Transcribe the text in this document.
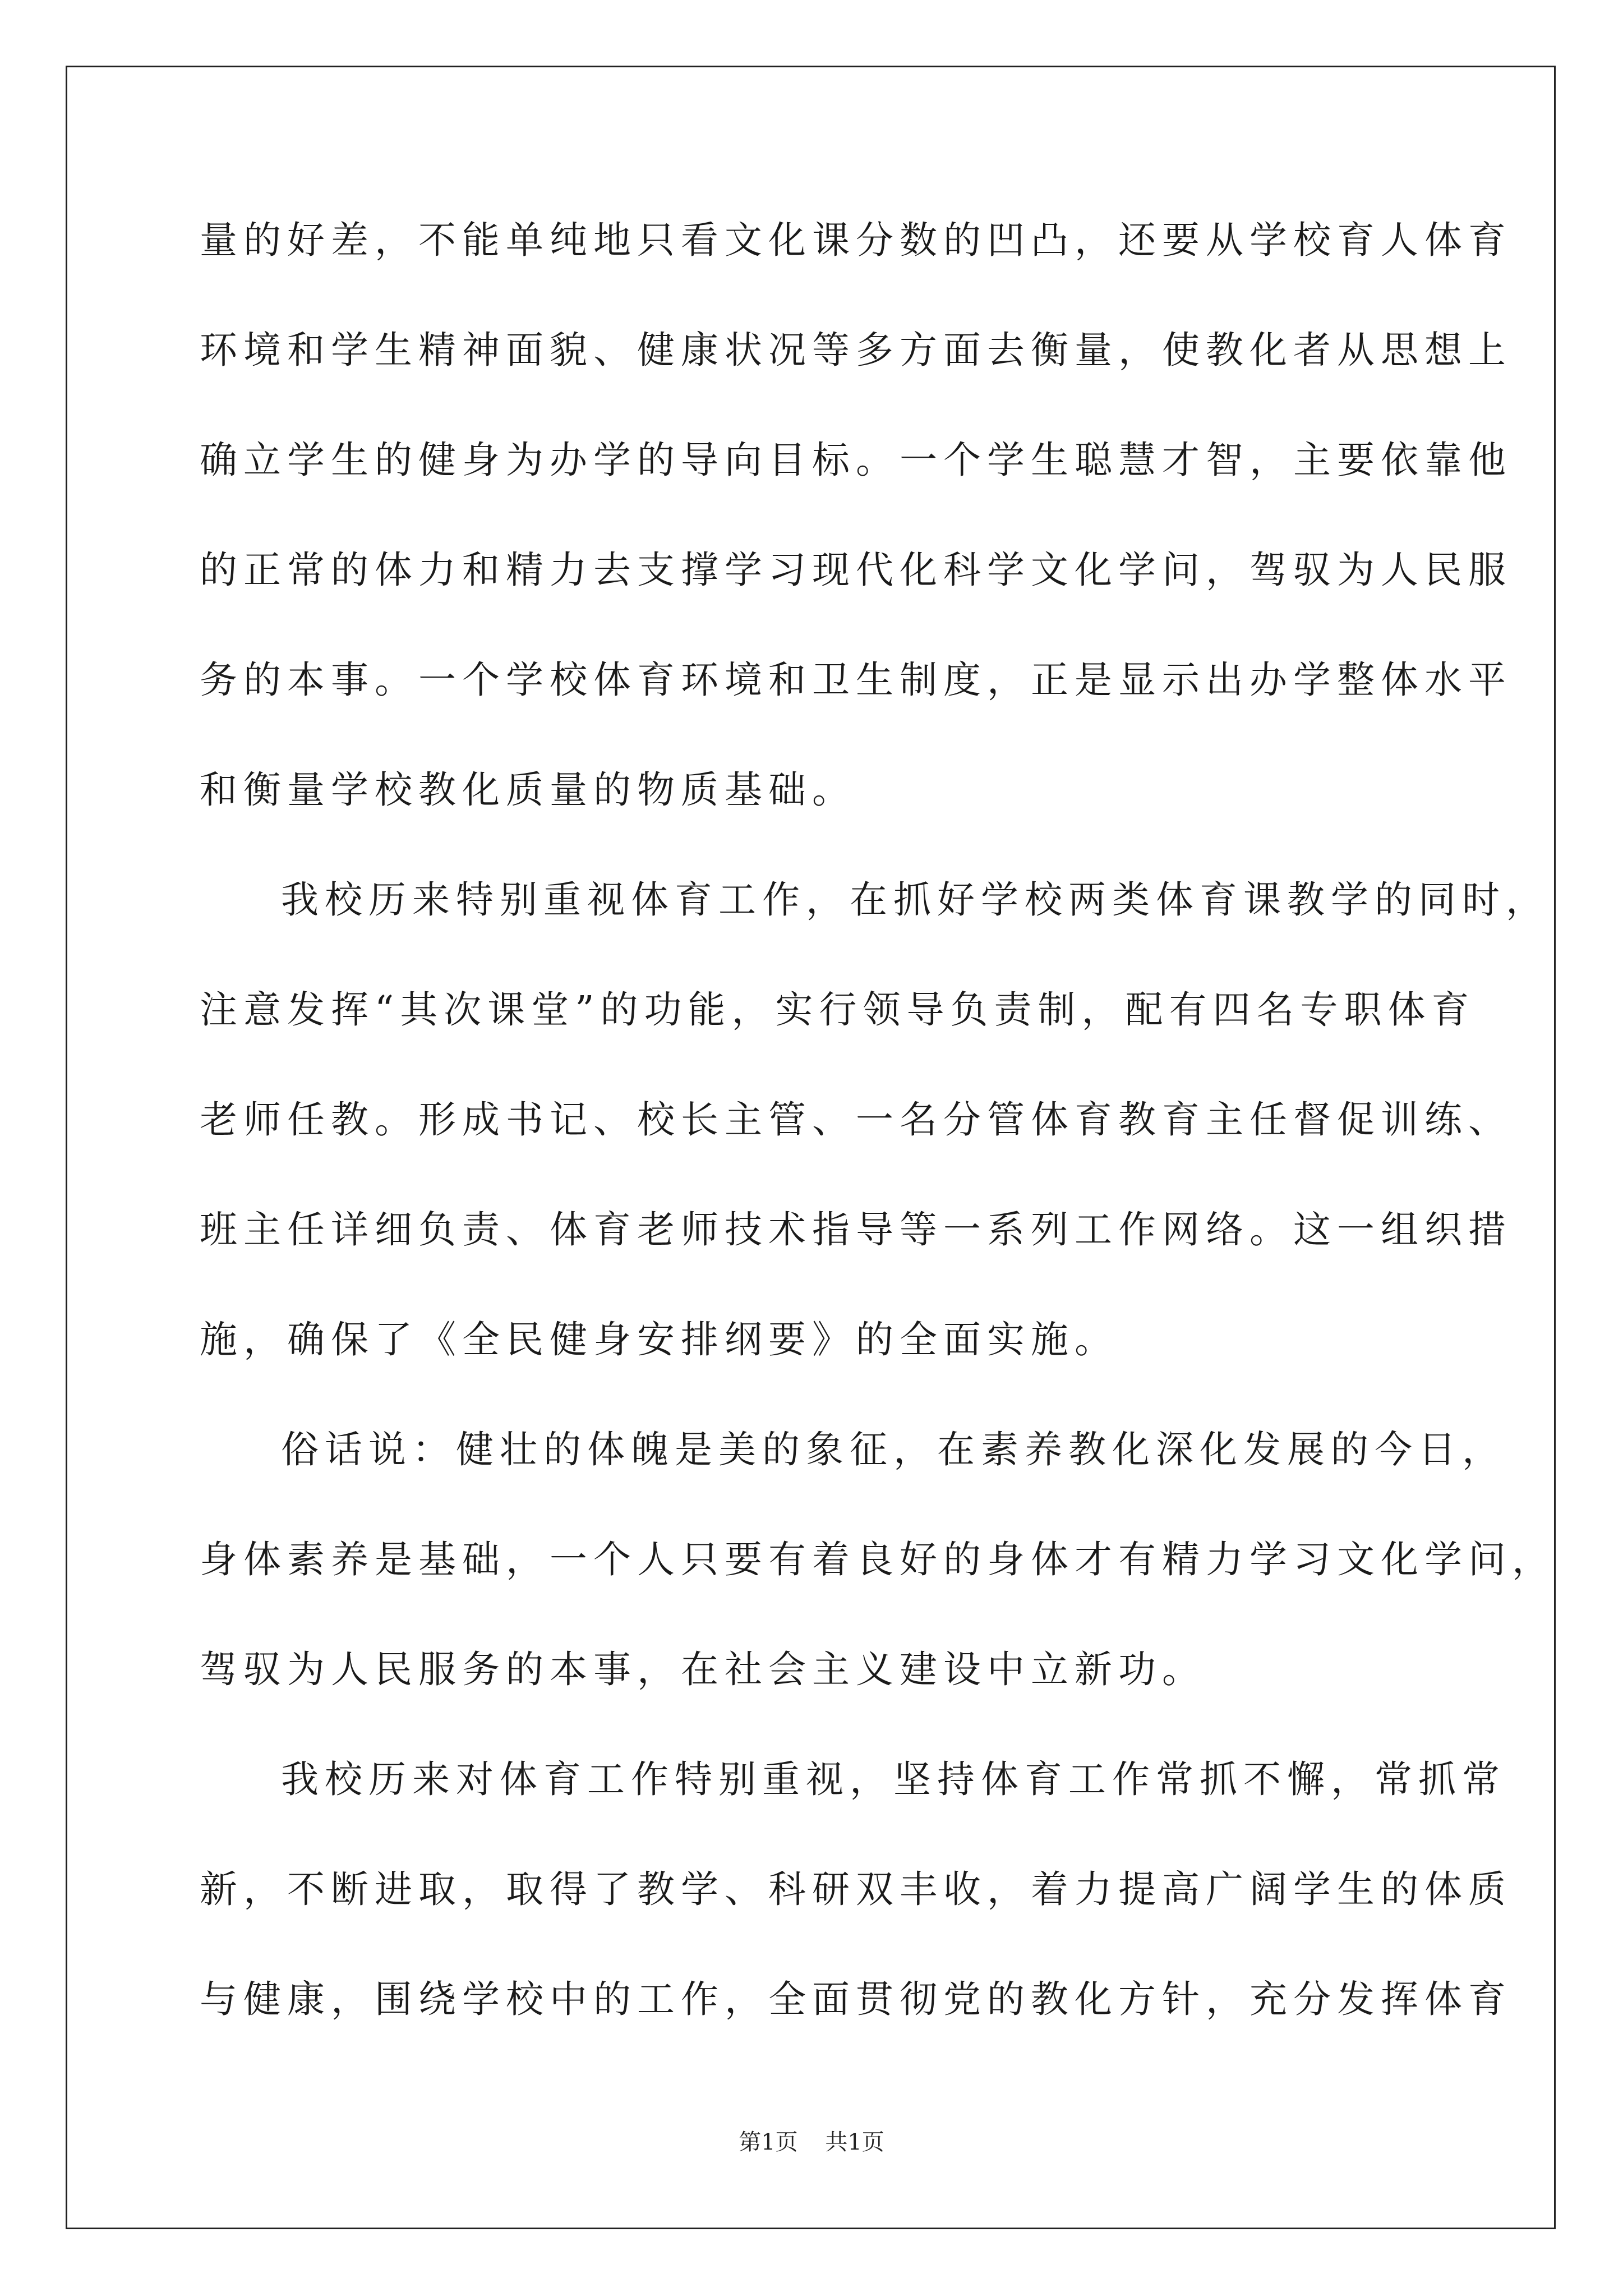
量的好差，不能单纯地只看文化课分数的凹凸，还要从学校育人体育
环境和学生精神面貌、健康状况等多方面去衡量，使教化者从思想上
确立学生的健身为办学的导向目标。一个学生聪慧才智，主要依靠他
的正常的体力和精力去支撑学习现代化科学文化学问，驾驭为人民服
务的本事。一个学校体育环境和卫生制度，正是显示出办学整体水平
和衡量学校教化质量的物质基础。
我校历来特别重视体育工作，在抓好学校两类体育课教学的同时，
注意发挥“其次课堂”的功能，实行领导负责制，配有四名专职体育
老师任教。形成书记、校长主管、一名分管体育教育主任督促训练、
班主任详细负责、体育老师技术指导等一系列工作网络。这一组织措
施，确保了《全民健身安排纲要》的全面实施。
俗话说：健壮的体魄是美的象征，在素养教化深化发展的今日，
身体素养是基础，一个人只要有着良好的身体才有精力学习文化学问，
驾驭为人民服务的本事，在社会主义建设中立新功。
我校历来对体育工作特别重视，坚持体育工作常抓不懈，常抓常
新，不断进取，取得了教学、科研双丰收，着力提高广阔学生的体质
与健康，围绕学校中的工作，全面贯彻党的教化方针，充分发挥体育
第1页 共1页
